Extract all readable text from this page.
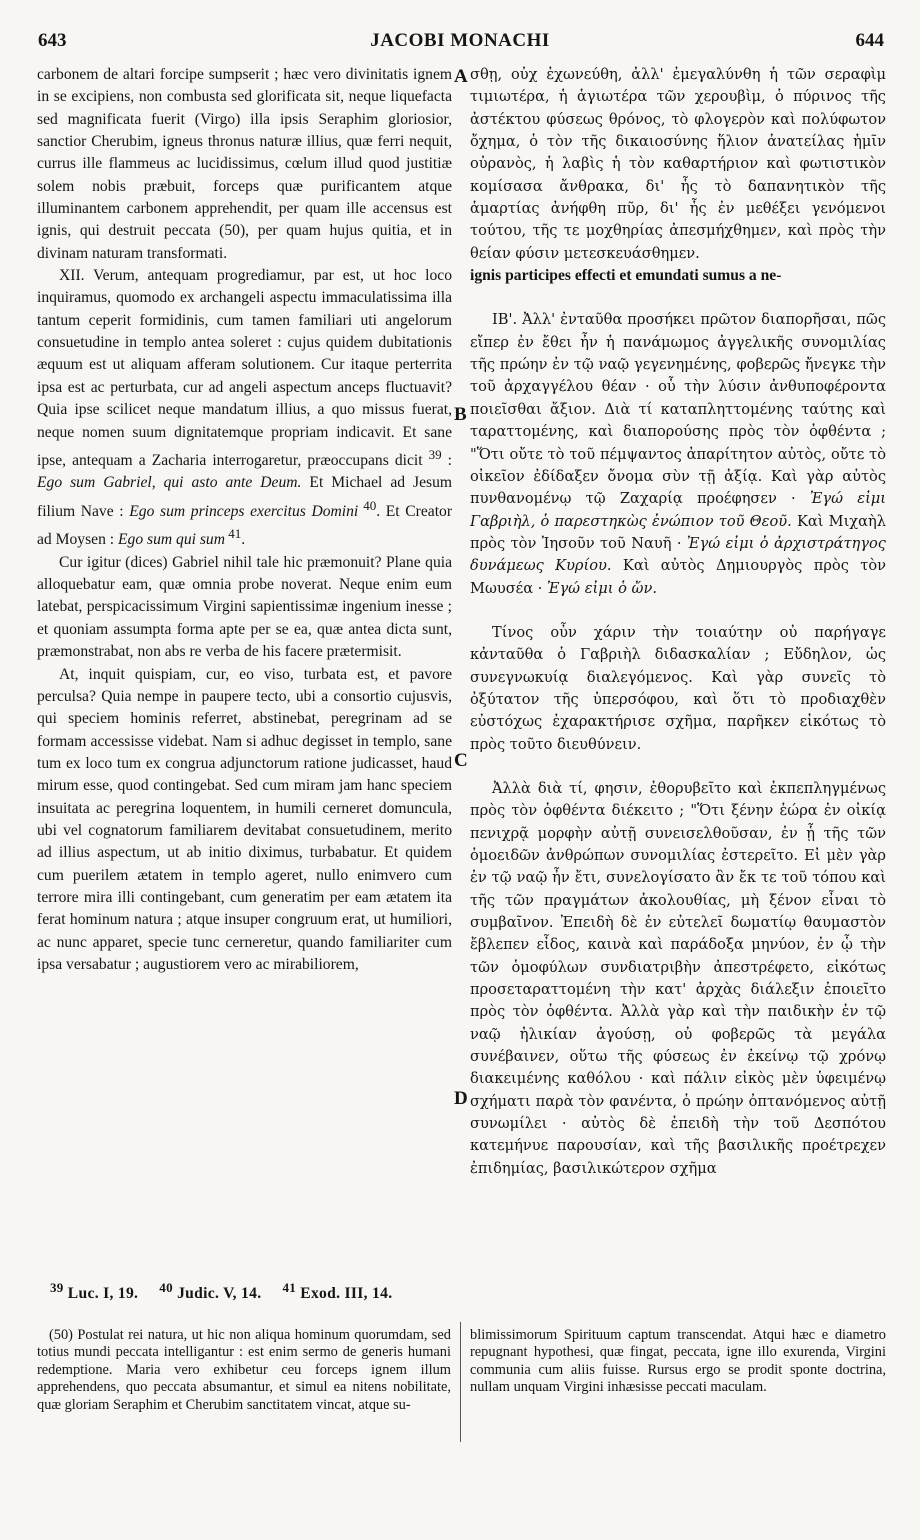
643	JACOBI MONACHI	644

carbonem de altari forcipe sumpserit ; hæc vero divinitatis ignem in se excipiens, non combusta sed glorificata sit, neque liquefacta sed magnificata fuerit (Virgo) illa ipsis Seraphim gloriosior, sanctior Cherubim, igneus thronus naturæ illius, quæ ferri nequit, currus ille flammeus ac lucidissimus, cœlum illud quod justitiæ solem nobis præbuit, forceps quæ purificantem atque illuminantem carbonem apprehendit, per quam ille accensus est ignis, qui destruit peccata (50), per quam hujus quitia, et in divinam naturam transformati.

XII. Verum, antequam progrediamur, par est, ut hoc loco inquiramus, quomodo ex archangeli aspectu immaculatissima illa tantum ceperit formidinis, cum tamen familiari uti angelorum consuetudine in templo antea soleret : cujus quidem dubitationis æquum est ut aliquam afferam solutionem. Cur itaque perterrita ipsa est ac perturbata, cur ad angeli aspectum anceps fluctuavit? Quia ipse scilicet neque mandatum illius, a quo missus fuerat, neque nomen suum dignitatemque propriam indicavit. Et sane ipse, antequam a Zacharia interrogaretur, præoccupans dicit $^{39}$ : Ego sum Gabriel, qui asto ante Deum. Et Michael ad Jesum filium Nave : Ego sum princeps exercitus Domini $^{40}$. Et Creator ad Moysen : Ego sum qui sum $^{41}$.

Cur igitur (dices) Gabriel nihil tale hic præmonuit? Plane quia alloquebatur eam, quæ omnia probe noverat. Neque enim eum latebat, perspicacissimum Virgini sapientissimæ ingenium inesse ; et quoniam assumpta forma apte per se ea, quæ antea dicta sunt, præmonstrabat, non abs re verba de his facere prætermisit.

At, inquit quispiam, cur, eo viso, turbata est, et pavore perculsa? Quia nempe in paupere tecto, ubi a consortio cujusvis, qui speciem hominis referret, abstinebat, peregrinam ad se formam accessisse videbat. Nam si adhuc degisset in templo, sane tum ex loco tum ex congrua adjunctorum ratione judicasset, haud mirum esse, quod contingebat. Sed cum miram jam hanc speciem insuitata ac peregrina loquentem, in humili cerneret domuncula, ubi vel cognatorum familiarem devitabat consuetudinem, merito ad illius aspectum, ut ab initio diximus, turbabatur. Et quidem cum puerilem ætatem in templo ageret, nullo enimvero cum terrore mira illi contingebant, cum generatim per eam ætatem ita ferat hominum natura ; atque insuper congruum erat, ut humiliori, ac nunc apparet, specie tunc cerneretur, quando familiariter cum ipsa versabatur ; augustiorem vero ac mirabiliorem,

σθῃ, οὐχ ἐχωνεύθη, ἀλλ' ἐμεγαλύνθη ἡ τῶν σεραφὶμ τιμιωτέρα, ἡ ἁγιωτέρα τῶν χερουβὶμ, ὁ πύρινος τῆς ἀστέκτου φύσεως θρόνος, τὸ φλογερὸν καὶ πολύφωτον ὄχημα, ὁ τὸν τῆς δικαιοσύνης ἥλιον ἀνατείλας ἡμῖν οὐρανὸς, ἡ λαβὶς ἡ τὸν καθαρτήριον καὶ φωτιστικὸν κομίσασα ἄνθρακα, δι' ἧς τὸ δαπανητικὸν τῆς ἁμαρτίας ἀνήφθη πῦρ, δι' ἧς ἐν μεθέξει γενόμενοι τούτου, τῆς τε μοχθηρίας ἀπεσμήχθημεν, καὶ πρὸς τὴν θείαν φύσιν μετεσκευάσθημεν.

ignis participes effecti et emundati sumus a ne-

ΙΒ'. Ἀλλ' ἐνταῦθα προσήκει πρῶτον διαπορῆσαι, πῶς εἴπερ ἐν ἔθει ἦν ἡ πανάμωμος ἀγγελικῆς συνομιλίας τῆς πρώην ἐν τῷ ναῷ γεγενημένης, φοβερῶς ἤνεγκε τὴν τοῦ ἀρχαγγέλου θέαν · οὗ τὴν λύσιν ἀνθυποφέροντα ποιεῖσθαι ἄξιον. Διὰ τί καταπληττομένης ταύτης καὶ ταραττομένης, καὶ διαπορούσης πρὸς τὸν ὀφθέντα ; "Ὅτι οὔτε τὸ τοῦ πέμψαντος ἀπαρίτητον αὐτὸς, οὔτε τὸ οἰκεῖον ἐδίδαξεν ὄνομα σὺν τῇ ἀξίᾳ. Καὶ γὰρ αὐτὸς πυνθανομένῳ τῷ Ζαχαρίᾳ προέφησεν · Ἐγώ εἰμι Γαβριὴλ, ὁ παρεστηκὼς ἐνώπιον τοῦ Θεοῦ. Καὶ Μιχαὴλ πρὸς τὸν Ἰησοῦν τοῦ Ναυῆ · Ἐγώ εἰμι ὁ ἀρχιστράτηγος δυνάμεως Κυρίου. Καὶ αὐτὸς Δημιουργὸς πρὸς τὸν Μωυσέα · Ἐγώ εἰμι ὁ ὤν.

Τίνος οὖν χάριν τὴν τοιαύτην οὐ παρήγαγε κἀνταῦθα ὁ Γαβριὴλ διδασκαλίαν ; Εὔδηλον, ὡς συνεγνωκυίᾳ διαλεγόμενος. Καὶ γὰρ συνεῖς τὸ ὀξύτατον τῆς ὑπερσόφου, καὶ ὅτι τὸ προδιαχθὲν εὐστόχως ἐχαρακτήρισε σχῆμα, παρῆκεν εἰκότως τὸ πρὸς τοῦτο διευθύνειν.

Ἀλλὰ διὰ τί, φησιν, ἐθορυβεῖτο καὶ ἐκπεπληγμένως πρὸς τὸν ὀφθέντα διέκειτο ; "Ὅτι ξένην ἑώρα ἐν οἰκίᾳ πενιχρᾷ μορφὴν αὐτῇ συνεισελθοῦσαν, ἐν ᾗ τῆς τῶν ὁμοειδῶν ἀνθρώπων συνομιλίας ἐστερεῖτο. Εἰ μὲν γὰρ ἐν τῷ ναῷ ἦν ἔτι, συνελογίσατο ἂν ἔκ τε τοῦ τόπου καὶ τῆς τῶν πραγμάτων ἀκολουθίας, μὴ ξένον εἶναι τὸ συμβαῖνον. Ἐπειδὴ δὲ ἐν εὐτελεῖ δωματίῳ θαυμαστὸν ἔβλεπεν εἶδος, καινὰ καὶ παράδοξα μηνύον, ἐν ᾧ τὴν τῶν ὁμοφύλων συνδιατριβὴν ἀπεστρέφετο, εἰκότως προσεταραττομένη τὴν κατ' ἀρχὰς διάλεξιν ἐποιεῖτο πρὸς τὸν ὀφθέντα. Ἀλλὰ γὰρ καὶ τὴν παιδικὴν ἐν τῷ ναῷ ἡλικίαν ἀγούσῃ, οὐ φοβερῶς τὰ μεγάλα συνέβαινεν, οὕτω τῆς φύσεως ἐν ἐκείνῳ τῷ χρόνῳ διακειμένης καθόλου · καὶ πάλιν εἰκὸς μὲν ὑφειμένῳ σχήματι παρὰ τὸν φανέντα, ὁ πρώην ὀπτανόμενος αὐτῇ συνωμίλει · αὐτὸς δὲ ἐπειδὴ τὴν τοῦ Δεσπότου κατεμήνυε παρουσίαν, καὶ τῆς βασιλικῆς προέτρεχεν ἐπιδημίας, βασιλικώτερον σχῆμα

A
B
C
D
$^{39}$ Luc. I, 19. $^{40}$ Judic. V, 14. $^{41}$ Exod. III, 14.
(50) Postulat rei natura, ut hic non aliqua hominum quorumdam, sed totius mundi peccata intelligantur : est enim sermo de generis humani redemptione. Maria vero exhibetur ceu forceps ignem illum apprehendens, quo peccata absumantur, et simul ea nitens nobilitate, quæ gloriam Seraphim et Cherubim sanctitatem vincat, atque su-
blimissimorum Spirituum captum transcendat. Atqui hæc e diametro repugnant hypothesi, quæ fingat, peccata, igne illo exurenda, Virgini communia cum aliis fuisse. Rursus ergo se prodit sponte doctrina, nullam unquam Virgini inhæsisse peccati maculam.
